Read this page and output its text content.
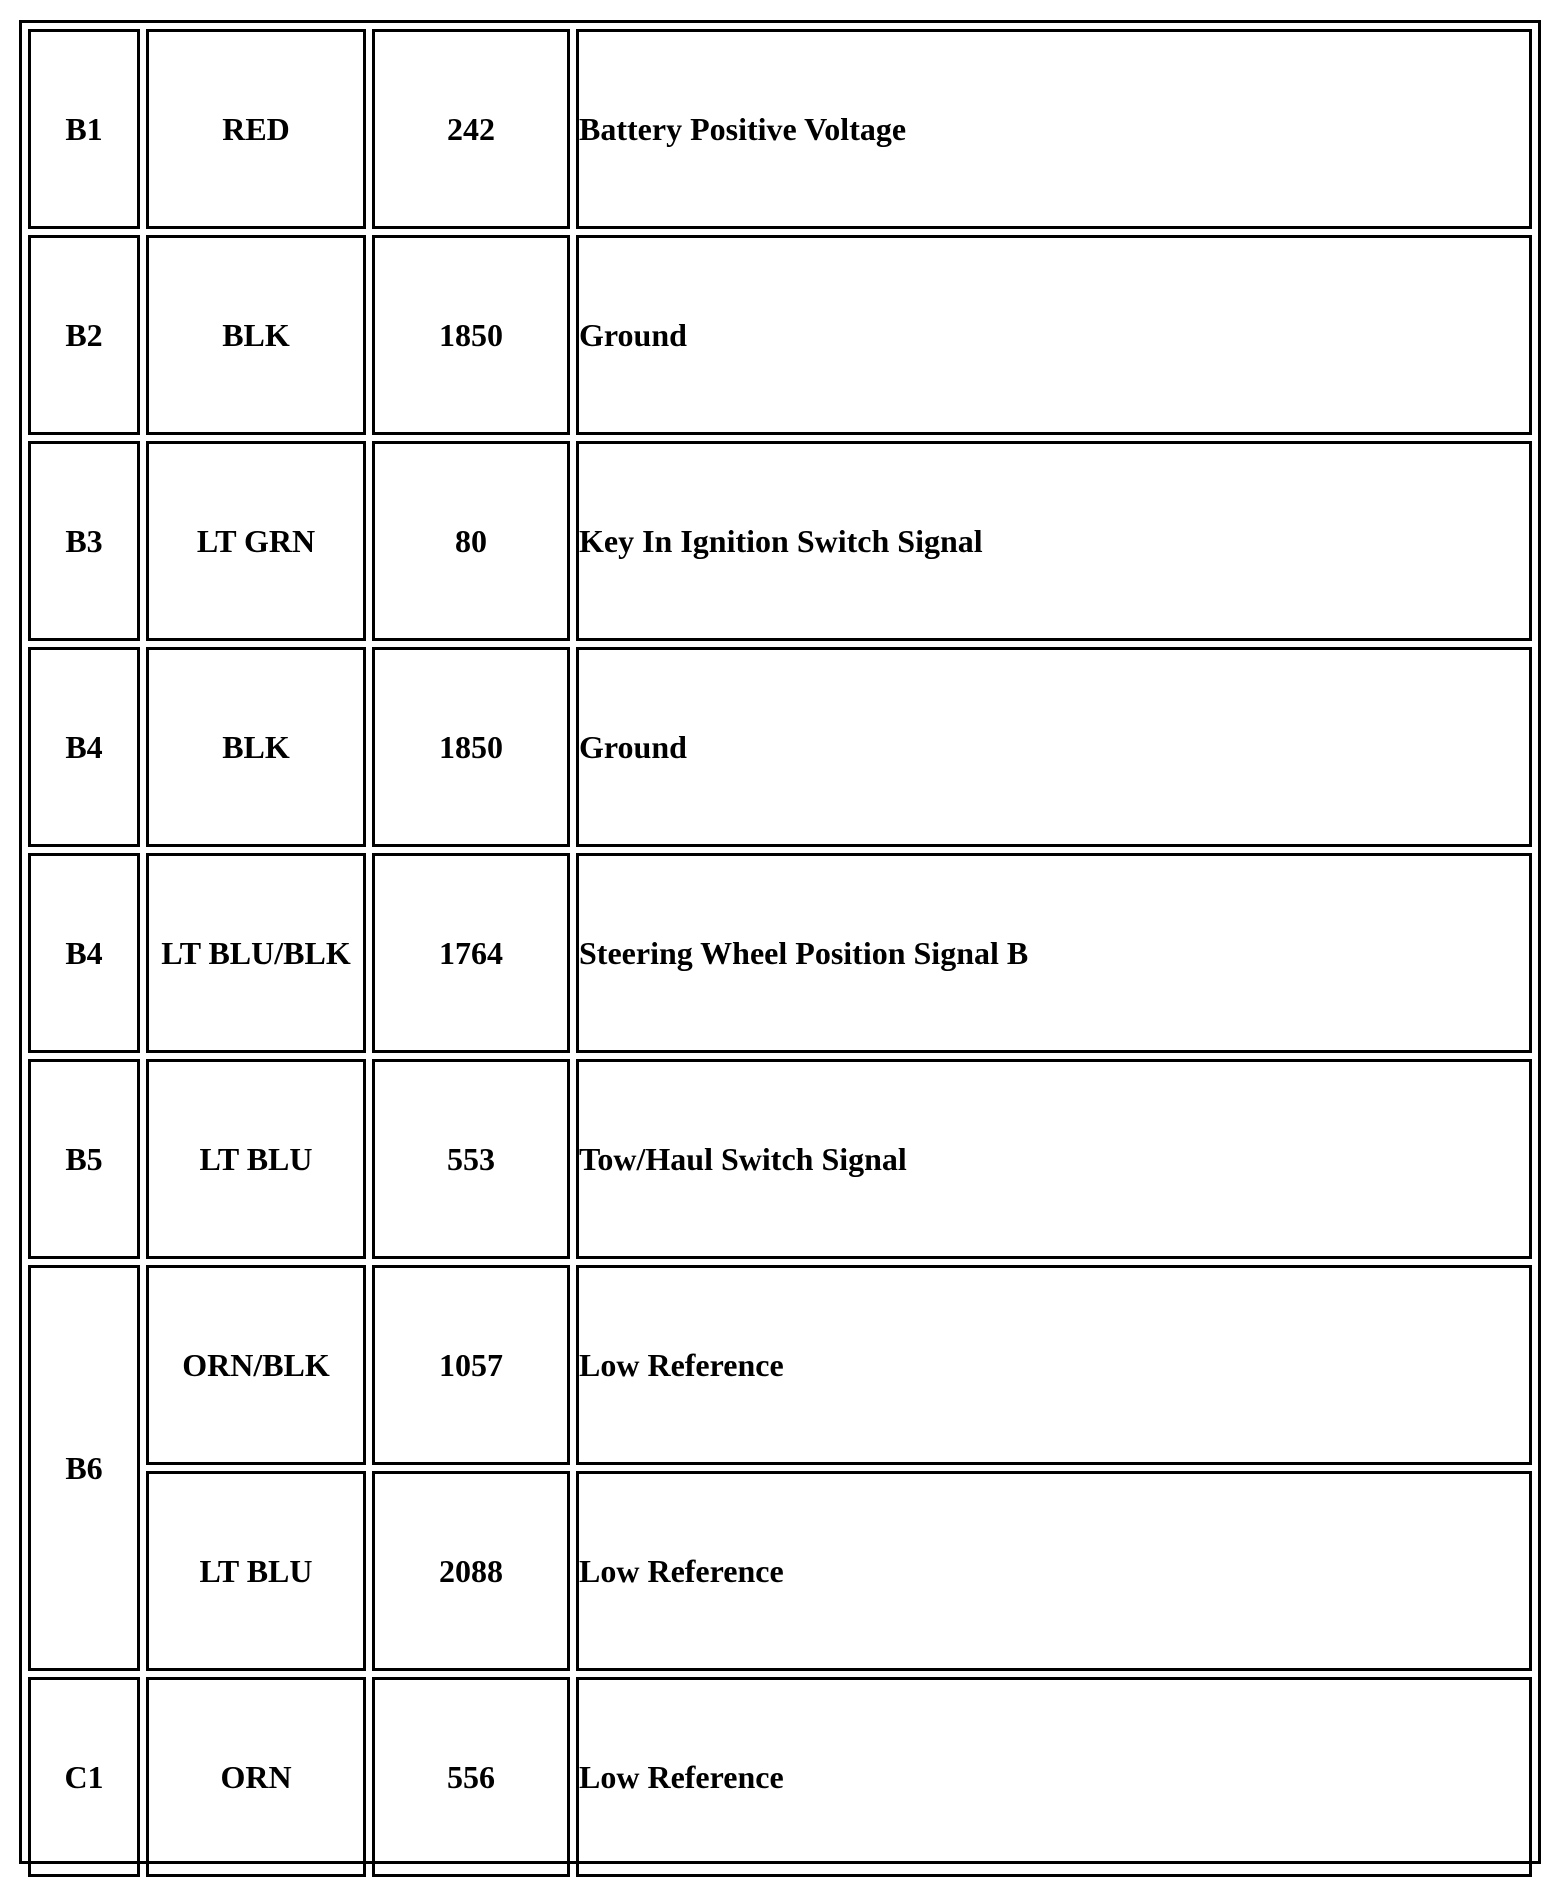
B1	RED	242	Battery Positive Voltage
B2	BLK	1850	Ground
B3	LT GRN	80	Key In Ignition Switch Signal
B4	BLK	1850	Ground
B4	LT BLU/BLK	1764	Steering Wheel Position Signal B
B5	LT BLU	553	Tow/Haul Switch Signal
B6	ORN/BLK	1057	Low Reference
	LT BLU	2088	Low Reference
C1	ORN	556	Low Reference
